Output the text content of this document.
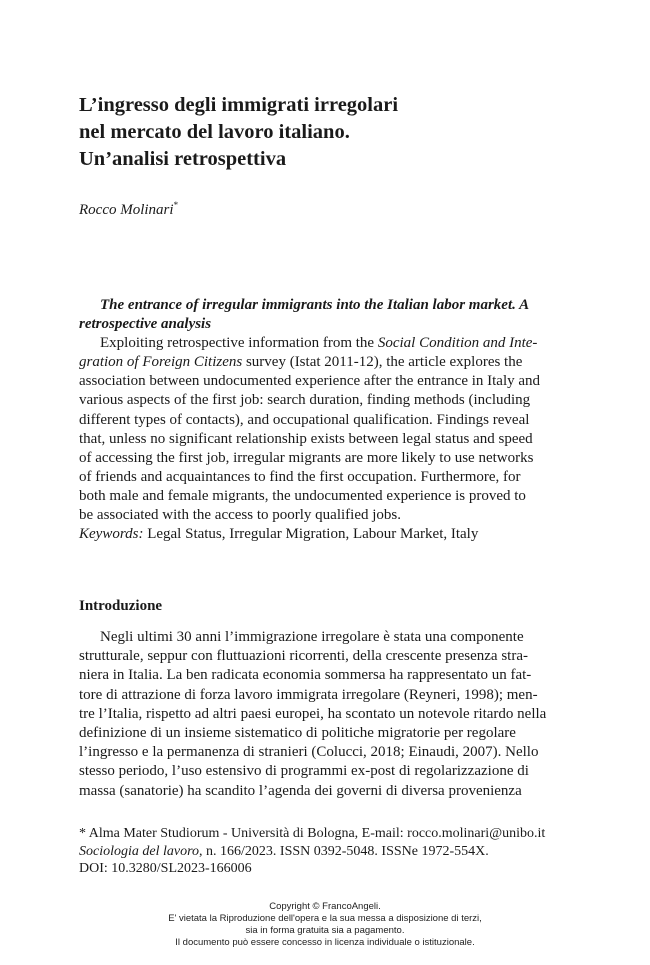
L’ingresso degli immigrati irregolari
nel mercato del lavoro italiano.
Un’analisi retrospettiva
Rocco Molinari*
The entrance of irregular immigrants into the Italian labor market. A
retrospective analysis
Exploiting retrospective information from the Social Condition and Inte-
gration of Foreign Citizens survey (Istat 2011-12), the article explores the
association between undocumented experience after the entrance in Italy and
various aspects of the first job: search duration, finding methods (including
different types of contacts), and occupational qualification. Findings reveal
that, unless no significant relationship exists between legal status and speed
of accessing the first job, irregular migrants are more likely to use networks
of friends and acquaintances to find the first occupation. Furthermore, for
both male and female migrants, the undocumented experience is proved to
be associated with the access to poorly qualified jobs.
Keywords: Legal Status, Irregular Migration, Labour Market, Italy
Introduzione
Negli ultimi 30 anni l’immigrazione irregolare è stata una componente
strutturale, seppur con fluttuazioni ricorrenti, della crescente presenza stra-
niera in Italia. La ben radicata economia sommersa ha rappresentato un fat-
tore di attrazione di forza lavoro immigrata irregolare (Reyneri, 1998); men-
tre l’Italia, rispetto ad altri paesi europei, ha scontato un notevole ritardo nella
definizione di un insieme sistematico di politiche migratorie per regolare
l’ingresso e la permanenza di stranieri (Colucci, 2018; Einaudi, 2007). Nello
stesso periodo, l’uso estensivo di programmi ex-post di regolarizzazione di
massa (sanatorie) ha scandito l’agenda dei governi di diversa provenienza
* Alma Mater Studiorum - Università di Bologna, E-mail: rocco.molinari@unibo.it
Sociologia del lavoro, n. 166/2023. ISSN 0392-5048. ISSNe 1972-554X.
DOI: 10.3280/SL2023-166006
Copyright © FrancoAngeli.
E' vietata la Riproduzione dell'opera e la sua messa a disposizione di terzi,
sia in forma gratuita sia a pagamento.
Il documento può essere concesso in licenza individuale o istituzionale.
